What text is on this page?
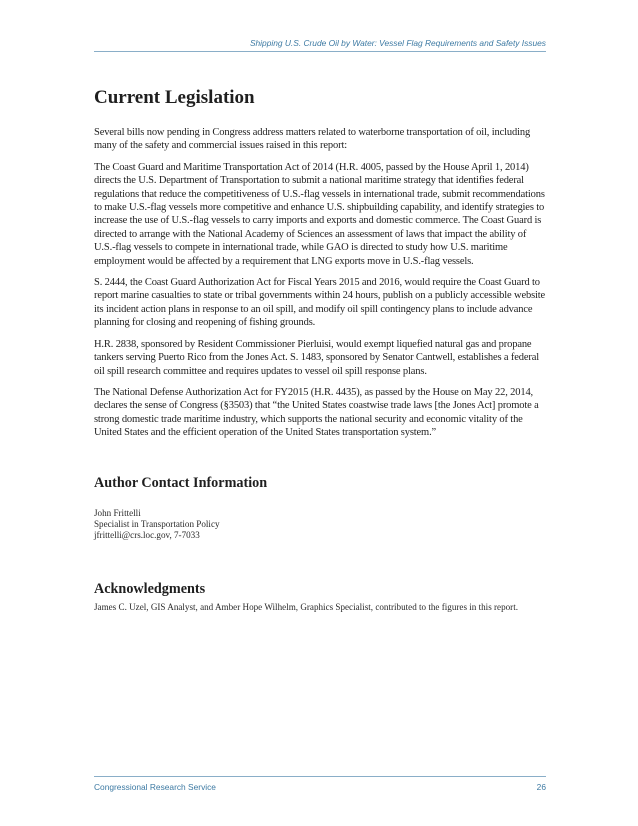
Shipping U.S. Crude Oil by Water: Vessel Flag Requirements and Safety Issues
Current Legislation

Several bills now pending in Congress address matters related to waterborne transportation of oil, including many of the safety and commercial issues raised in this report:

The Coast Guard and Maritime Transportation Act of 2014 (H.R. 4005, passed by the House April 1, 2014) directs the U.S. Department of Transportation to submit a national maritime strategy that identifies federal regulations that reduce the competitiveness of U.S.-flag vessels in international trade, submit recommendations to make U.S.-flag vessels more competitive and enhance U.S. shipbuilding capability, and identify strategies to increase the use of U.S.-flag vessels to carry imports and exports and domestic commerce. The Coast Guard is directed to arrange with the National Academy of Sciences an assessment of laws that impact the ability of U.S.-flag vessels to compete in international trade, while GAO is directed to study how U.S. maritime employment would be affected by a requirement that LNG exports move in U.S.-flag vessels.

S. 2444, the Coast Guard Authorization Act for Fiscal Years 2015 and 2016, would require the Coast Guard to report marine casualties to state or tribal governments within 24 hours, publish on a publicly accessible website its incident action plans in response to an oil spill, and modify oil spill contingency plans to include advance planning for closing and reopening of fishing grounds.

H.R. 2838, sponsored by Resident Commissioner Pierluisi, would exempt liquefied natural gas and propane tankers serving Puerto Rico from the Jones Act. S. 1483, sponsored by Senator Cantwell, establishes a federal oil spill research committee and requires updates to vessel oil spill response plans.

The National Defense Authorization Act for FY2015 (H.R. 4435), as passed by the House on May 22, 2014, declares the sense of Congress (§3503) that “the United States coastwise trade laws [the Jones Act] promote a strong domestic trade maritime industry, which supports the national security and economic vitality of the United States and the efficient operation of the United States transportation system.”

Author Contact Information
John Frittelli
Specialist in Transportation Policy
jfrittelli@crs.loc.gov, 7-7033
Acknowledgments
James C. Uzel, GIS Analyst, and Amber Hope Wilhelm, Graphics Specialist, contributed to the figures in this report.
Congressional Research Service	26
